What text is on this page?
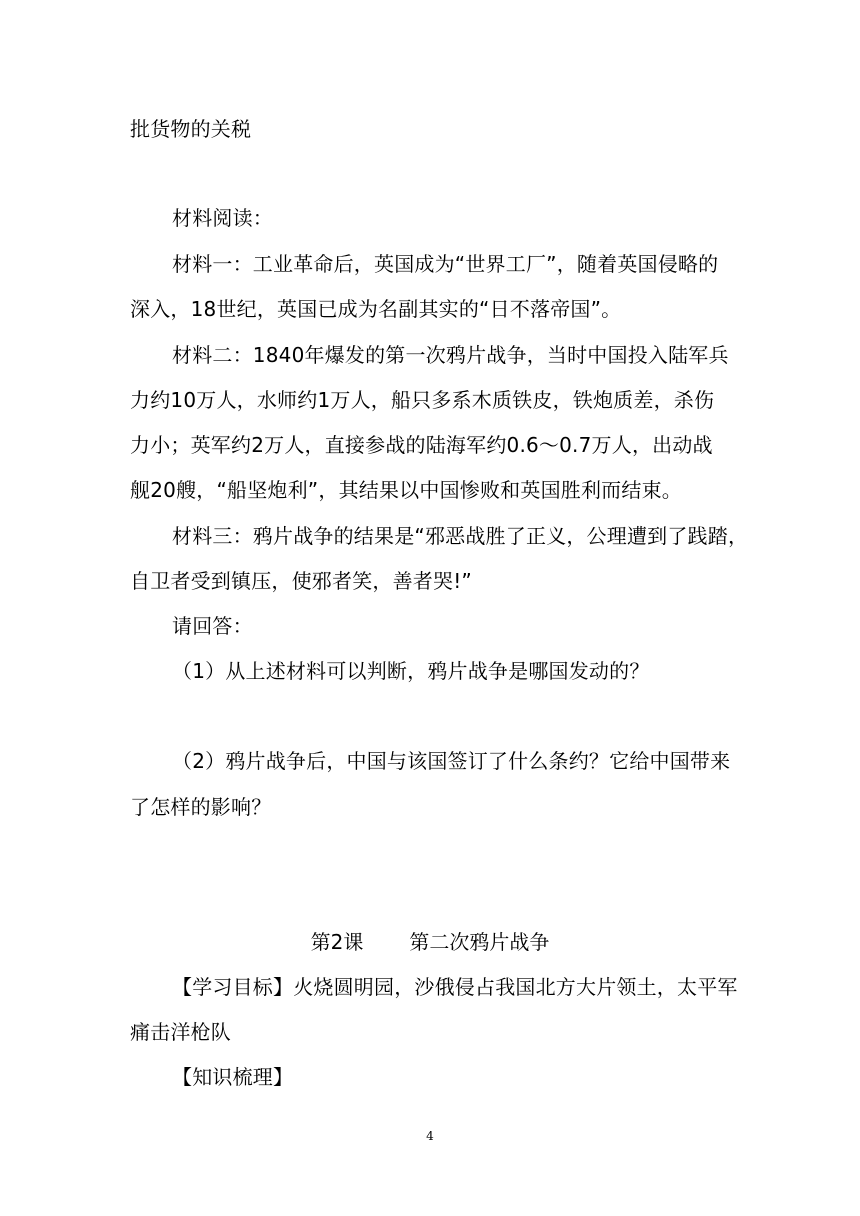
批货物的关税
材料阅读：
材料一：工业革命后，英国成为“世界工厂”，随着英国侵略的
深入，18世纪，英国已成为名副其实的“日不落帝国”。
材料二：1840年爆发的第一次鸦片战争，当时中国投入陆军兵
力约10万人，水师约1万人，船只多系木质铁皮，铁炮质差，杀伤
力小；英军约2万人，直接参战的陆海军约0.6～0.7万人，出动战
舰20艘，“船坚炮利”，其结果以中国惨败和英国胜利而结束。
材料三：鸦片战争的结果是“邪恶战胜了正义，公理遭到了践踏，
自卫者受到镇压，使邪者笑，善者哭!”
请回答：
（1）从上述材料可以判断，鸦片战争是哪国发动的？
（2）鸦片战争后，中国与该国签订了什么条约？它给中国带来
了怎样的影响？
第2课 第二次鸦片战争
【学习目标】火烧圆明园，沙俄侵占我国北方大片领土，太平军
痛击洋枪队
【知识梳理】
4
